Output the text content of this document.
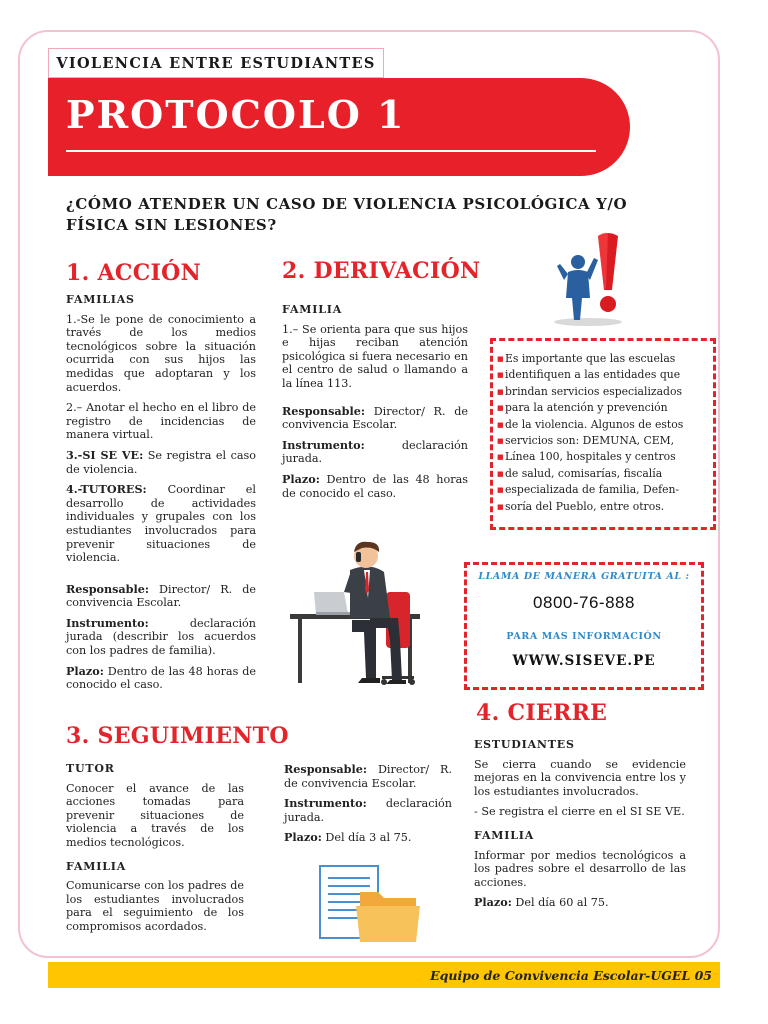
VIOLENCIA ENTRE ESTUDIANTES
PROTOCOLO 1
¿CÓMO ATENDER UN CASO DE VIOLENCIA PSICOLÓGICA Y/O FÍSICA SIN LESIONES?
1. ACCIÓN

FAMILIAS

1.-Se le pone de conocimiento a través de los medios tecnológicos sobre la situación ocurrida con sus hijos las medidas que adoptaran y los acuerdos.

2.– Anotar el hecho en el libro de registro de incidencias de manera virtual.

3.-SI SE VE: Se registra el caso de violencia.

4.-TUTORES: Coordinar el desarrollo de actividades individuales y grupales con los estudiantes involucrados para prevenir situaciones de violencia.

Responsable: Director/ R. de convivencia Escolar.

Instrumento:	declaración jurada (describir los acuerdos con los padres de familia).

Plazo: Dentro de las 48 horas de conocido el caso.

2. DERIVACIÓN

FAMILIA

1.– Se orienta para que sus hijos e hijas reciban atención psicológica si fuera necesario en el centro de salud o llamando a la línea 113.

Responsable: Director/ R. de convivencia Escolar.

Instrumento:	declaración jurada.

Plazo: Dentro de las 48 horas de conocido el caso.

■ Es importante que las escuelas
■ identifiquen a las entidades que
■ brindan servicios especializados
■ para la atención y prevención
■ de la violencia. Algunos de estos
■ servicios son: DEMUNA, CEM,
■ Línea 100, hospitales y centros
■ de salud, comisarías, fiscalía
■ especializada de familia, Defen-
■ soría del Pueblo, entre otros.
LLAMA DE MANERA GRATUITA AL :
0800-76-888
PARA MAS INFORMACIÓN
WWW.SISEVE.PE
3. SEGUIMIENTO

TUTOR

Conocer el avance de las acciones tomadas para prevenir situaciones de violencia a través de los medios tecnológicos.

FAMILIA

Comunicarse con los padres de los estudiantes involucrados para el seguimiento de los compromisos acordados.

Responsable: Director/ R. de convivencia Escolar.

Instrumento: declaración jurada.

Plazo: Del día 3 al 75.

4. CIERRE

ESTUDIANTES

Se cierra cuando se evidencie mejoras en la convivencia entre los y los estudiantes involucrados.

- Se registra el cierre en el SI SE VE.

FAMILIA

Informar por medios tecnológicos a los padres sobre el desarrollo de las acciones.

Plazo: Del día 60 al 75.

Equipo de Convivencia Escolar-UGEL 05
